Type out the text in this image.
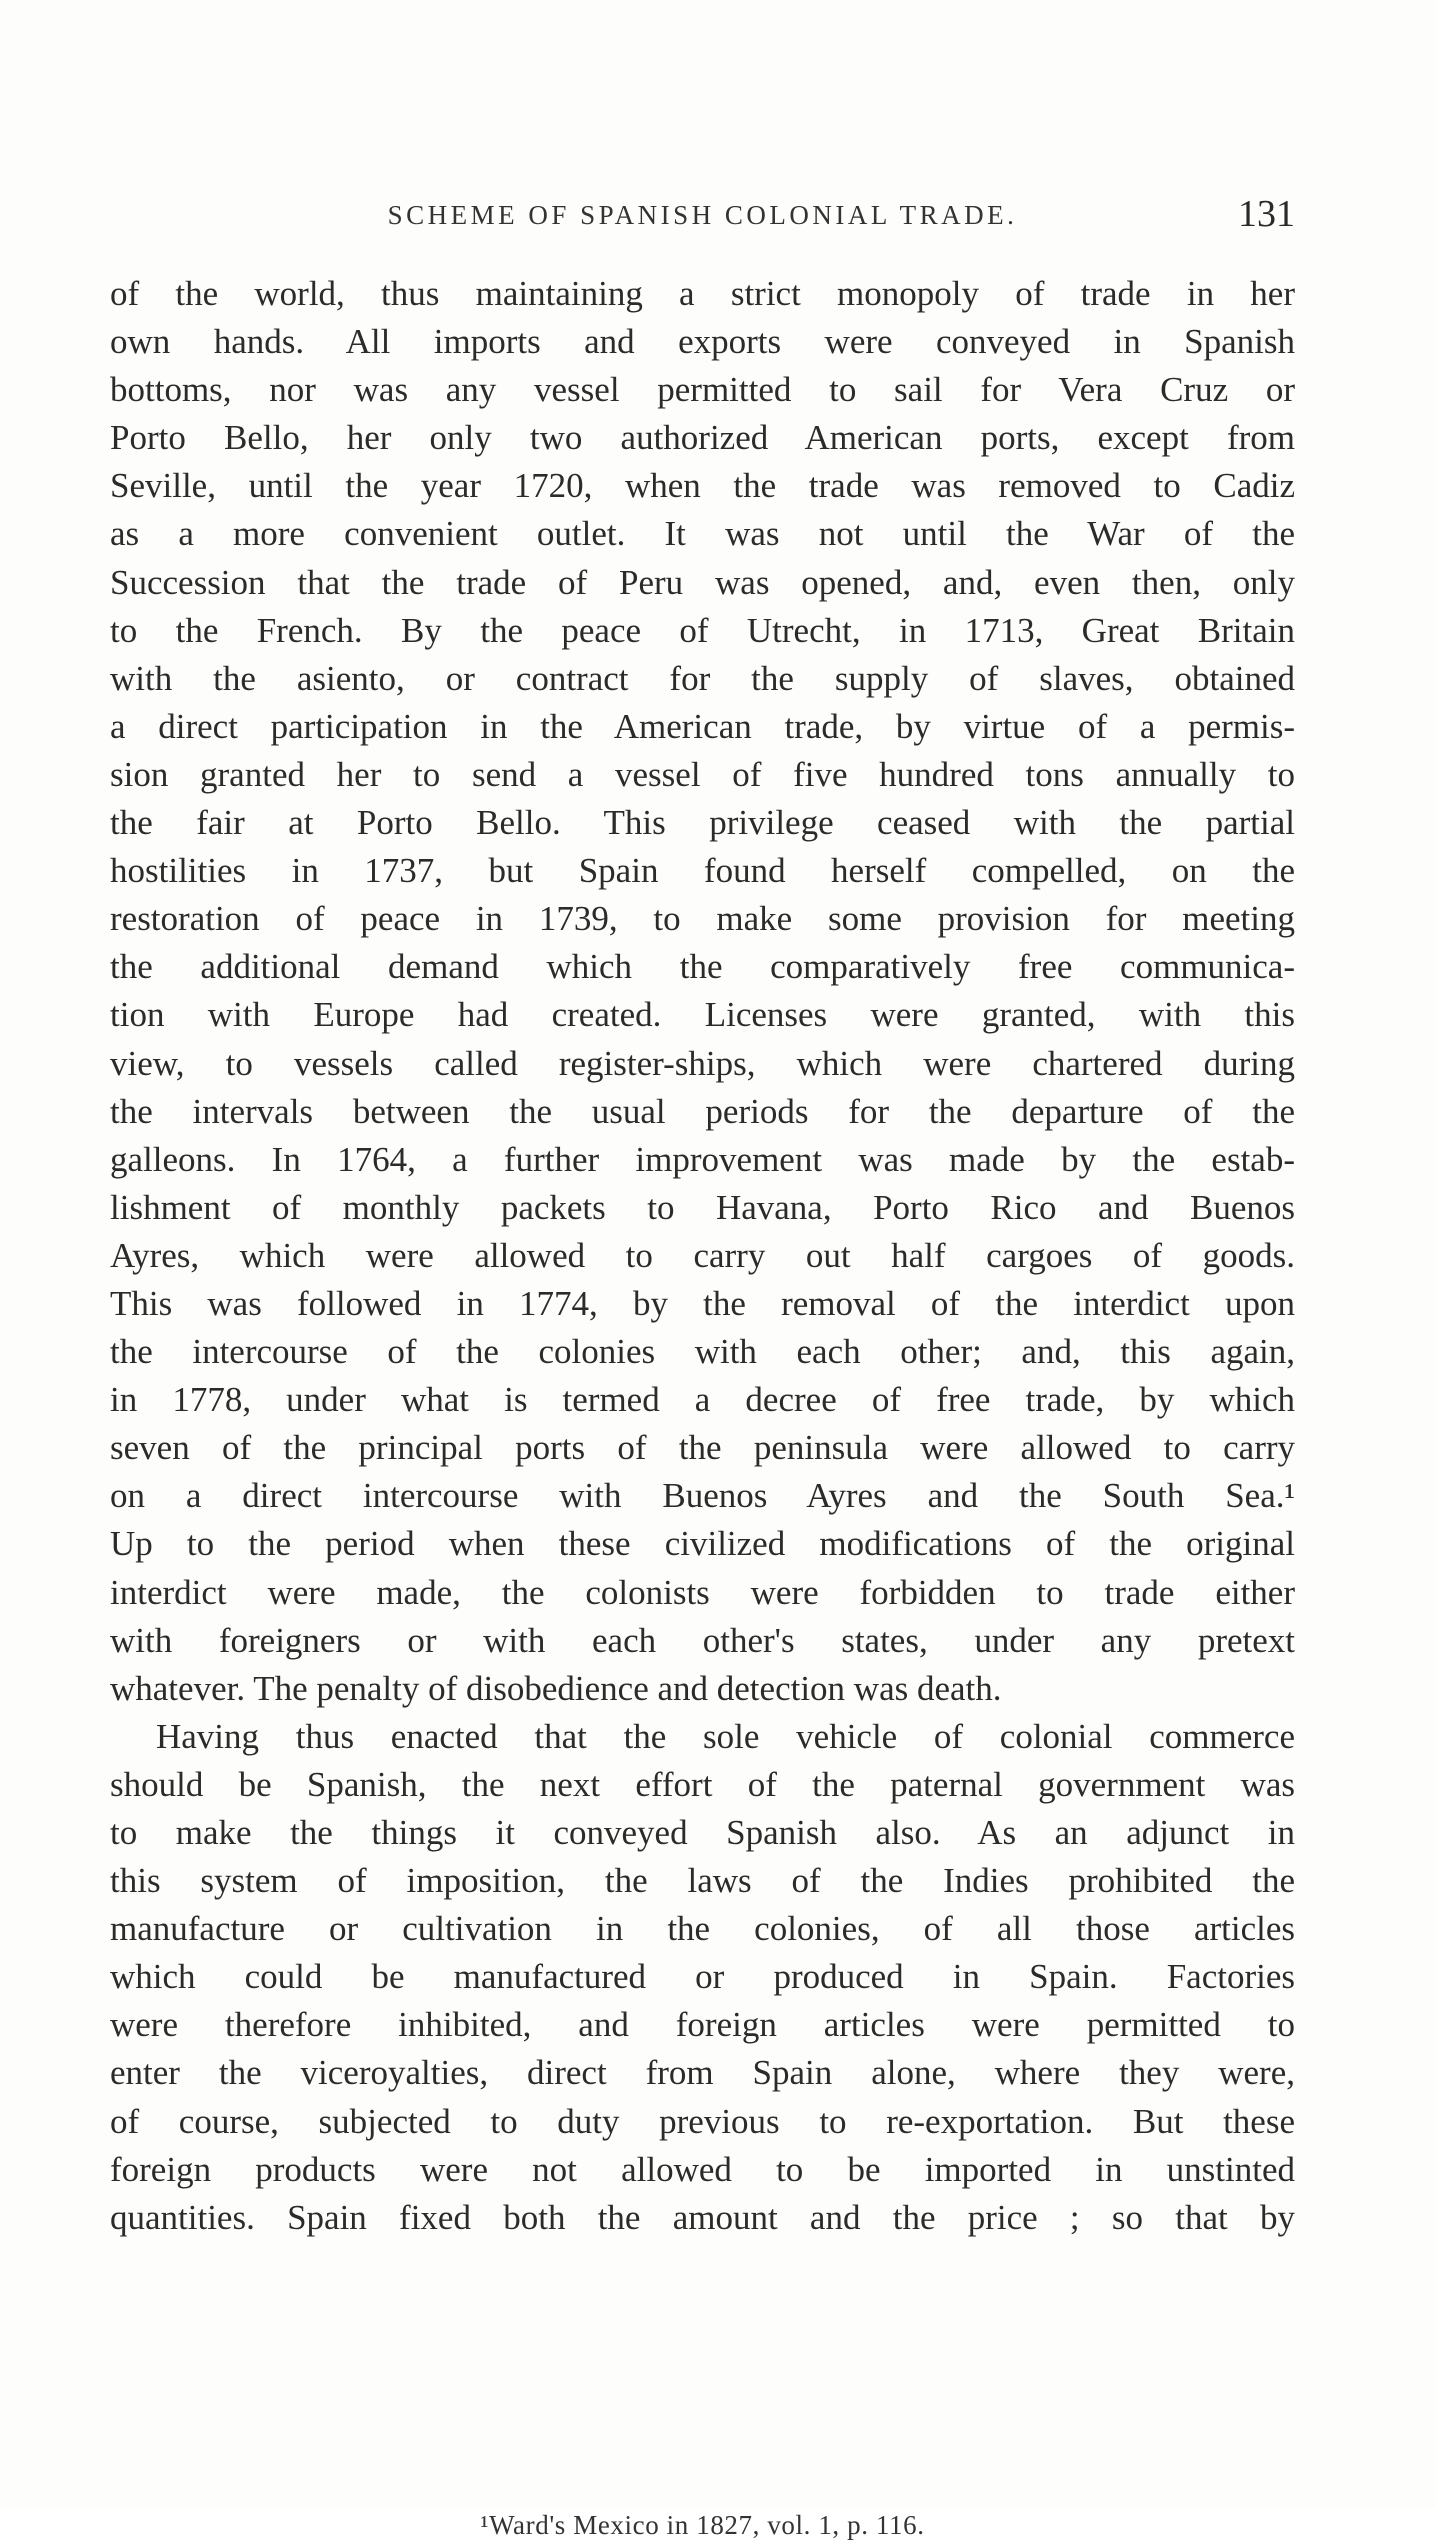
SCHEME OF SPANISH COLONIAL TRADE.	131
of the world, thus maintaining a strict monopoly of trade in her
own hands. All imports and exports were conveyed in Spanish
bottoms, nor was any vessel permitted to sail for Vera Cruz or
Porto Bello, her only two authorized American ports, except from
Seville, until the year 1720, when the trade was removed to Cadiz
as a more convenient outlet. It was not until the War of the
Succession that the trade of Peru was opened, and, even then, only
to the French. By the peace of Utrecht, in 1713, Great Britain
with the asiento, or contract for the supply of slaves, obtained
a direct participation in the American trade, by virtue of a permis-
sion granted her to send a vessel of five hundred tons annually to
the fair at Porto Bello. This privilege ceased with the partial
hostilities in 1737, but Spain found herself compelled, on the
restoration of peace in 1739, to make some provision for meeting
the additional demand which the comparatively free communica-
tion with Europe had created. Licenses were granted, with this
view, to vessels called register-ships, which were chartered during
the intervals between the usual periods for the departure of the
galleons. In 1764, a further improvement was made by the estab-
lishment of monthly packets to Havana, Porto Rico and Buenos
Ayres, which were allowed to carry out half cargoes of goods.
This was followed in 1774, by the removal of the interdict upon
the intercourse of the colonies with each other; and, this again,
in 1778, under what is termed a decree of free trade, by which
seven of the principal ports of the peninsula were allowed to carry
on a direct intercourse with Buenos Ayres and the South Sea.¹
Up to the period when these civilized modifications of the original
interdict were made, the colonists were forbidden to trade either
with foreigners or with each other's states, under any pretext
whatever. The penalty of disobedience and detection was death.
Having thus enacted that the sole vehicle of colonial commerce
should be Spanish, the next effort of the paternal government was
to make the things it conveyed Spanish also. As an adjunct in
this system of imposition, the laws of the Indies prohibited the
manufacture or cultivation in the colonies, of all those articles
which could be manufactured or produced in Spain. Factories
were therefore inhibited, and foreign articles were permitted to
enter the viceroyalties, direct from Spain alone, where they were,
of course, subjected to duty previous to re-exportation. But these
foreign products were not allowed to be imported in unstinted
quantities. Spain fixed both the amount and the price ; so that by
¹Ward's Mexico in 1827, vol. 1, p. 116.
